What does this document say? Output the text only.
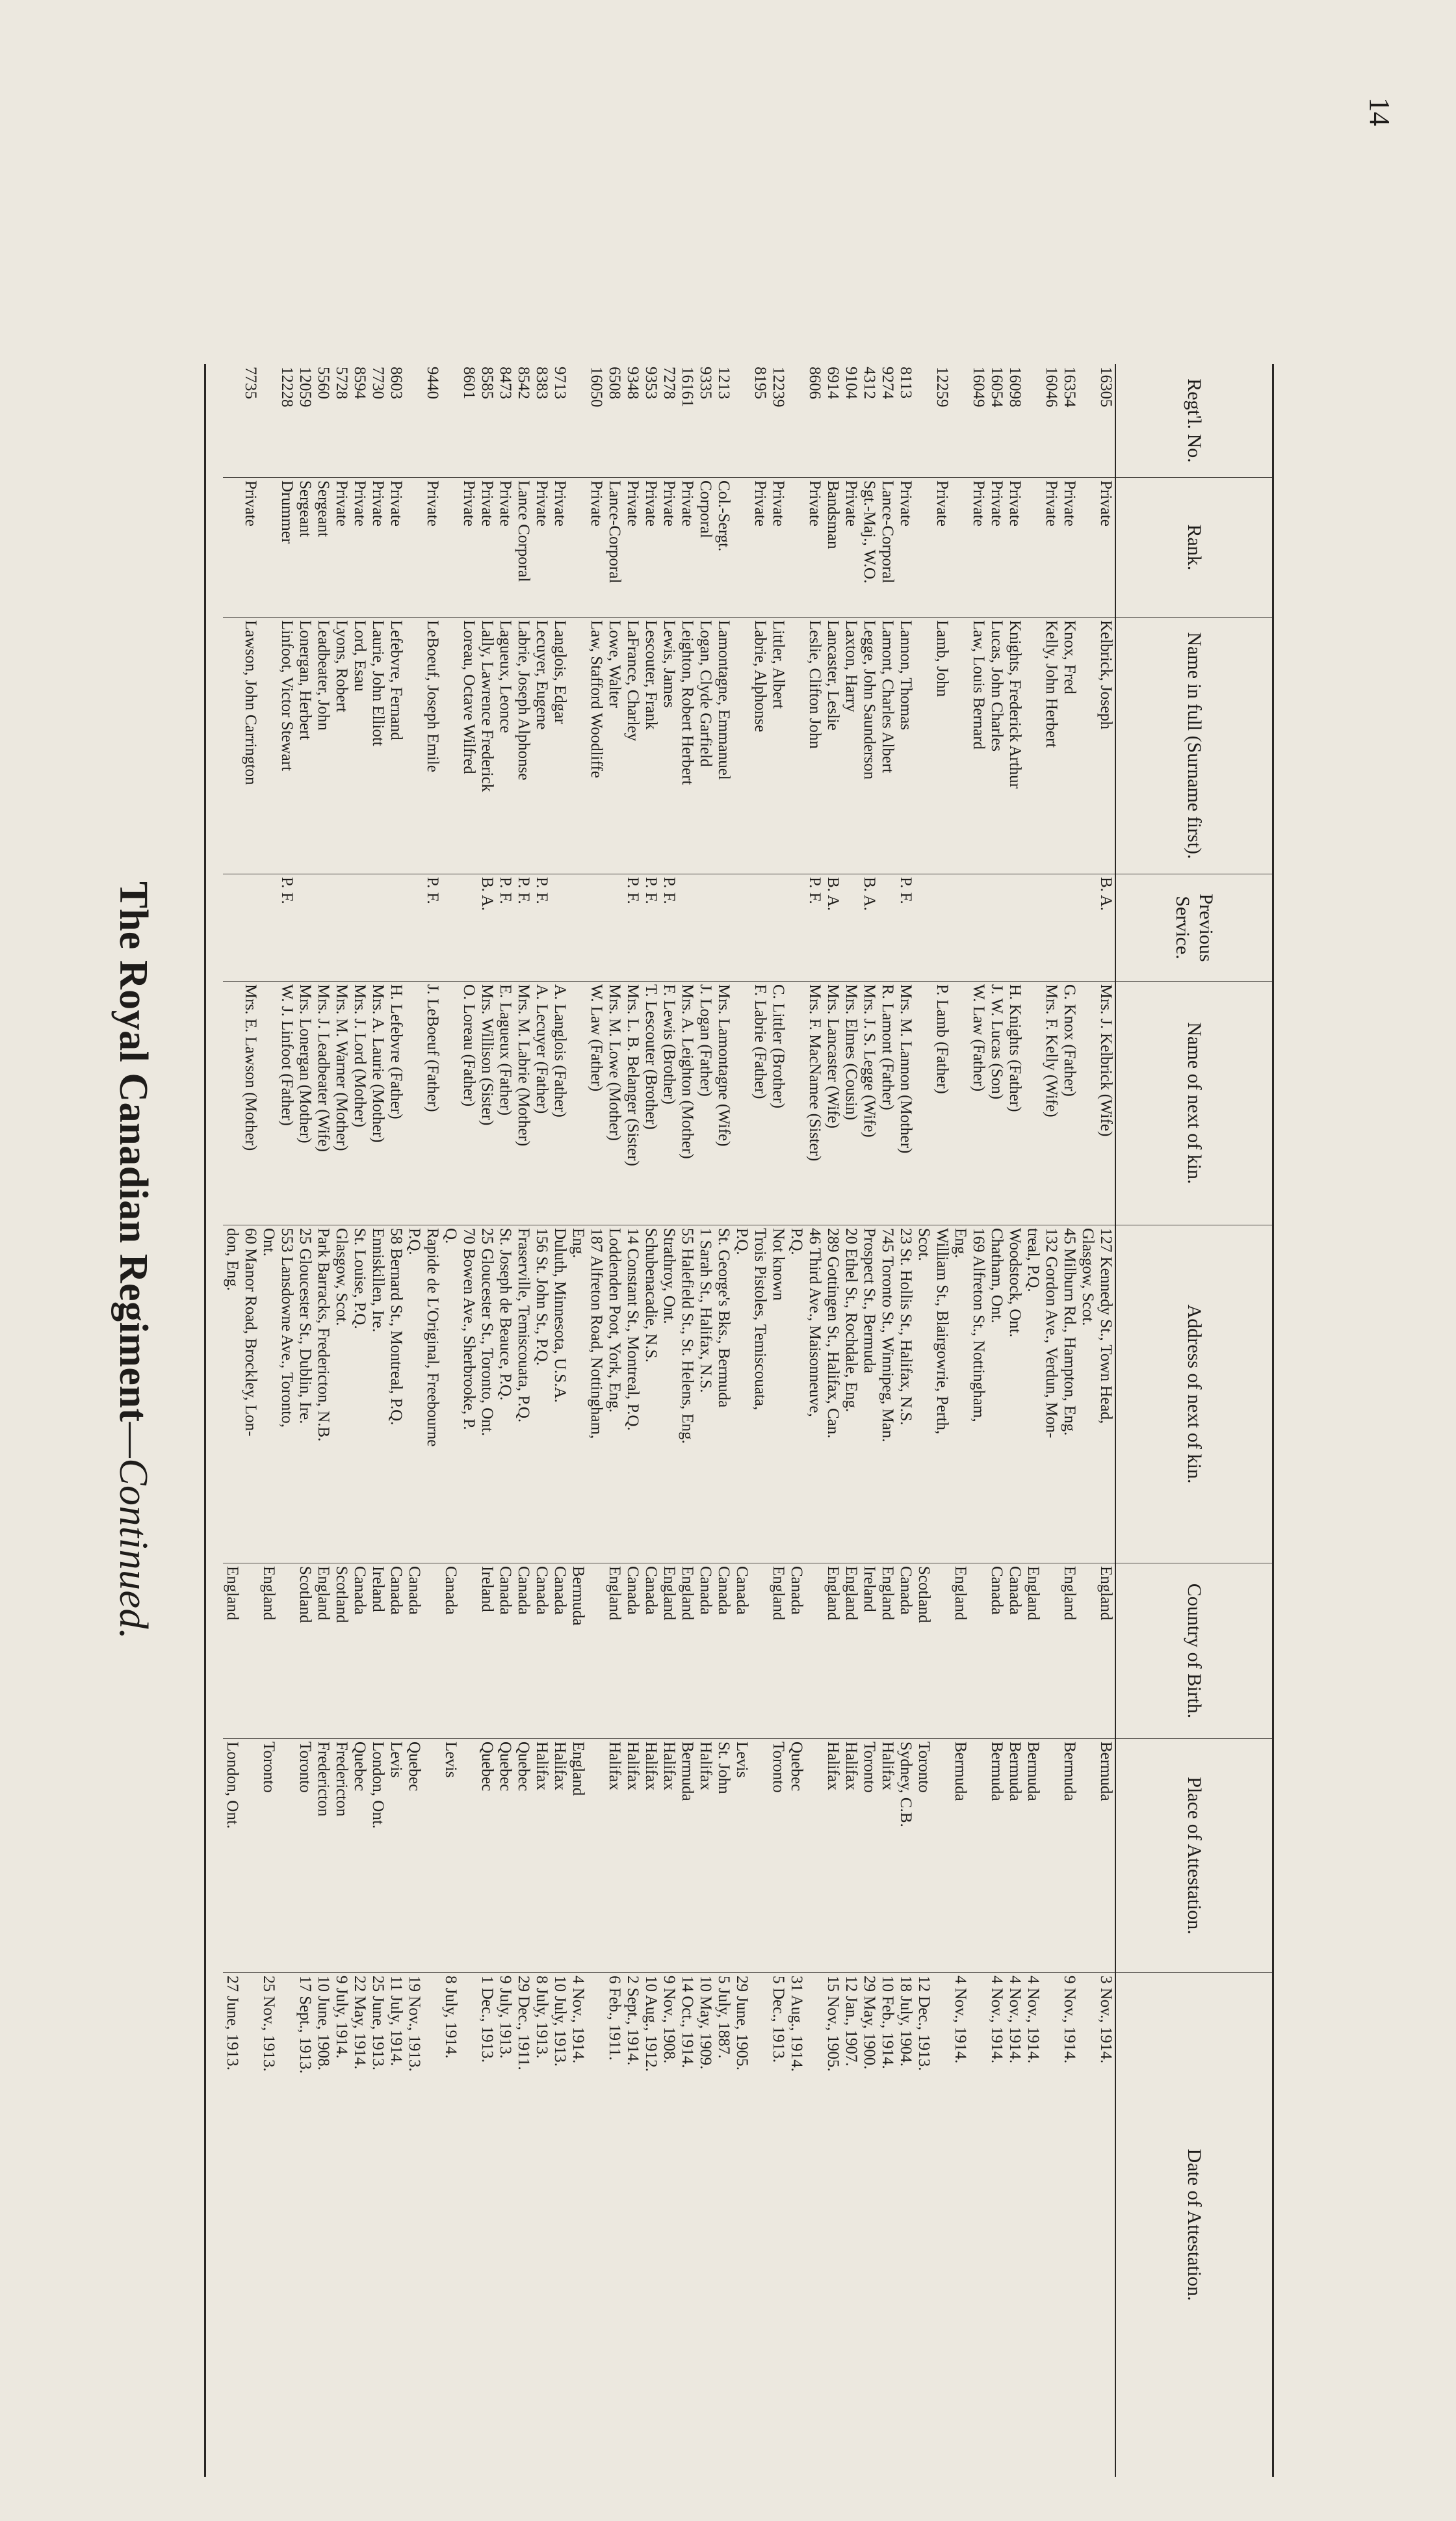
14
The Royal Canadian Regiment—Continued.
Regt'l. No.
Rank.
Name in full (Surname first).
Previous Service.
Name of next of kin.
Address of next of kin.
Country of Birth.
Place of Attestation.
Date of Attestation.
16305
Private
Kelbrick, Joseph
B. A.
Mrs. J. Kelbrick (Wife)
127 Kennedy St., Town Head,
England
Bermuda
3 Nov., 1914.
Glasgow, Scot.
16354
Private
Knox, Fred
G. Knox (Father)
45 Milburn Rd., Hampton, Eng.
England
Bermuda
9 Nov., 1914.
16046
Private
Kelly, John Herbert
Mrs. F. Kelly (Wife)
132 Gordon Ave., Verdun, Mon-
treal, P.Q.
England
Bermuda
4 Nov., 1914.
16098
Private
Knights, Frederick Arthur
H. Knights (Father)
Woodstock, Ont.
Canada
Bermuda
4 Nov., 1914.
16054
Private
Lucas, John Charles
J. W. Lucas (Son)
Chatham, Ont.
Canada
Bermuda
4 Nov., 1914.
16049
Private
Law, Louis Bernard
W. Law (Father)
169 Alfreton St., Nottingham,
Eng.
England
Bermuda
4 Nov., 1914.
12259
Private
Lamb, John
P. Lamb (Father)
William St., Blairgowrie, Perth,
Scot.
Scotland
Toronto
12 Dec., 1913.
8113
Private
Lannon, Thomas
P. F.
Mrs. M. Lannon (Mother)
23 St. Hollis St., Halifax, N.S.
Canada
Sydney, C.B.
18 July, 1904.
9274
Lance-Corporal
Lamont, Charles Albert
R. Lamont (Father)
745 Toronto St., Winnipeg, Man.
England
Halifax
10 Feb., 1914.
4312
Sgt.-Maj., W.O.
Legge, John Saunderson
B. A.
Mrs. J. S. Legge (Wife)
Prospect St., Bermuda
Ireland
Toronto
29 May, 1900.
9104
Private
Laxton, Harry
Mrs. Elmes (Cousin)
20 Ethel St., Rochdale, Eng.
England
Halifax
12 Jan., 1907.
6914
Bandsman
Lancaster, Leslie
B. A.
Mrs. Lancaster (Wife)
289 Gottingen St., Halifax, Can.
England
Halifax
15 Nov., 1905.
8606
Private
Leslie, Clifton John
P. F.
Mrs. F. MacNamee (Sister)
46 Third Ave., Maisonneuve,
P.Q.
Canada
Quebec
31 Aug., 1914.
12239
Private
Littler, Albert
C. Littler (Brother)
Not known
England
Toronto
5 Dec., 1913.
8195
Private
Labrie, Alphonse
F. Labrie (Father)
Trois Pistoles, Temiscouata,
P.Q.
Canada
Levis
29 June, 1905.
1213
Col.-Sergt.
Lamontagne, Emmanuel
Mrs. Lamontagne (Wife)
St. George's Bks., Bermuda
Canada
St. John
5 July, 1887.
9335
Corporal
Logan, Clyde Garfield
J. Logan (Father)
1 Sarah St., Halifax, N.S.
Canada
Halifax
10 May, 1909.
16161
Private
Leighton, Robert Herbert
Mrs. A. Leighton (Mother)
55 Halefield St., St. Helens, Eng.
England
Bermuda
14 Oct., 1914.
7278
Private
Lewis, James
P. F.
F. Lewis (Brother)
Strathroy, Ont.
England
Halifax
9 Nov., 1908.
9353
Private
Lescouter, Frank
P. F.
T. Lescouter (Brother)
Schubenacadie, N.S.
Canada
Halifax
10 Aug., 1912.
9348
Private
LaFrance, Charley
P. F.
Mrs. L. B. Belanger (Sister)
14 Constant St., Montreal, P.Q.
Canada
Halifax
2 Sept., 1914.
6508
Lance-Corporal
Lowe, Walter
Mrs. M. Lowe (Mother)
Loddenden Poot, York, Eng.
England
Halifax
6 Feb., 1911.
16050
Private
Law, Stafford Woodliffe
W. Law (Father)
187 Alfreton Road, Nottingham,
Eng.
Bermuda
England
4 Nov., 1914.
9713
Private
Langlois, Edgar
A. Langlois (Father)
Duluth, Minnesota, U.S.A.
Canada
Halifax
10 July, 1913.
8383
Private
Lecuyer, Eugene
P. F.
A. Lecuyer (Father)
156 St. John St., P.Q.
Canada
Halifax
8 July, 1913.
8542
Lance Corporal
Labrie, Joseph Alphonse
P. F.
Mrs. M. Labrie (Mother)
Fraserville, Temiscouata, P.Q.
Canada
Quebec
29 Dec., 1911.
8473
Private
Lagueux, Leonce
P. F.
E. Lagueux (Father)
St. Joseph de Beauce, P.Q.
Canada
Quebec
9 July, 1913.
8585
Private
Lally, Lawrence Frederick
B. A.
Mrs. Willison (Sister)
25 Gloucester St., Toronto, Ont.
Ireland
Quebec
1 Dec., 1913.
8601
Private
Loreau, Octave Wilfred
O. Loreau (Father)
70 Bowen Ave., Sherbrooke, P.
Q.
Canada
Levis
8 July, 1914.
9440
Private
LeBoeuf, Joseph Emile
P. F.
J. LeBoeuf (Father)
Rapide de L'Original, Freebourne
P.Q.
Canada
Quebec
19 Nov., 1913.
8603
Private
Lefebvre, Fernand
H. Lefebvre (Father)
58 Bernard St., Montreal, P.Q.
Canada
Levis
11 July, 1914.
7730
Private
Laurie, John Elliott
Mrs. A. Laurie (Mother)
Enniskillen, Ire.
Ireland
London, Ont.
25 June, 1913.
8594
Private
Lord, Esau
Mrs. J. Lord (Mother)
St. Louise, P.Q.
Canada
Quebec
22 May, 1914.
5728
Private
Lyons, Robert
Mrs. M. Warner (Mother)
Glasgow, Scot.
Scotland
Fredericton
9 July, 1914.
5560
Sergeant
Leadbeater, John
Mrs. J. Leadbeater (Wife)
Park Barracks, Fredericton, N.B.
England
Fredericton
10 June, 1908.
12059
Sergeant
Lonergan, Herbert
Mrs. Lonergan (Mother)
25 Gloucester St., Dublin, Ire.
Scotland
Toronto
17 Sept., 1913.
12228
Drummer
Linfoot, Victor Stewart
P. F.
W. J. Linfoot (Father)
553 Lansdowne Ave., Toronto,
Ont.
England
Toronto
25 Nov., 1913.
7735
Private
Lawson, John Carrington
Mrs. E. Lawson (Mother)
60 Manor Road, Brockley, Lon-
don, Eng.
England
London, Ont.
27 June, 1913.
